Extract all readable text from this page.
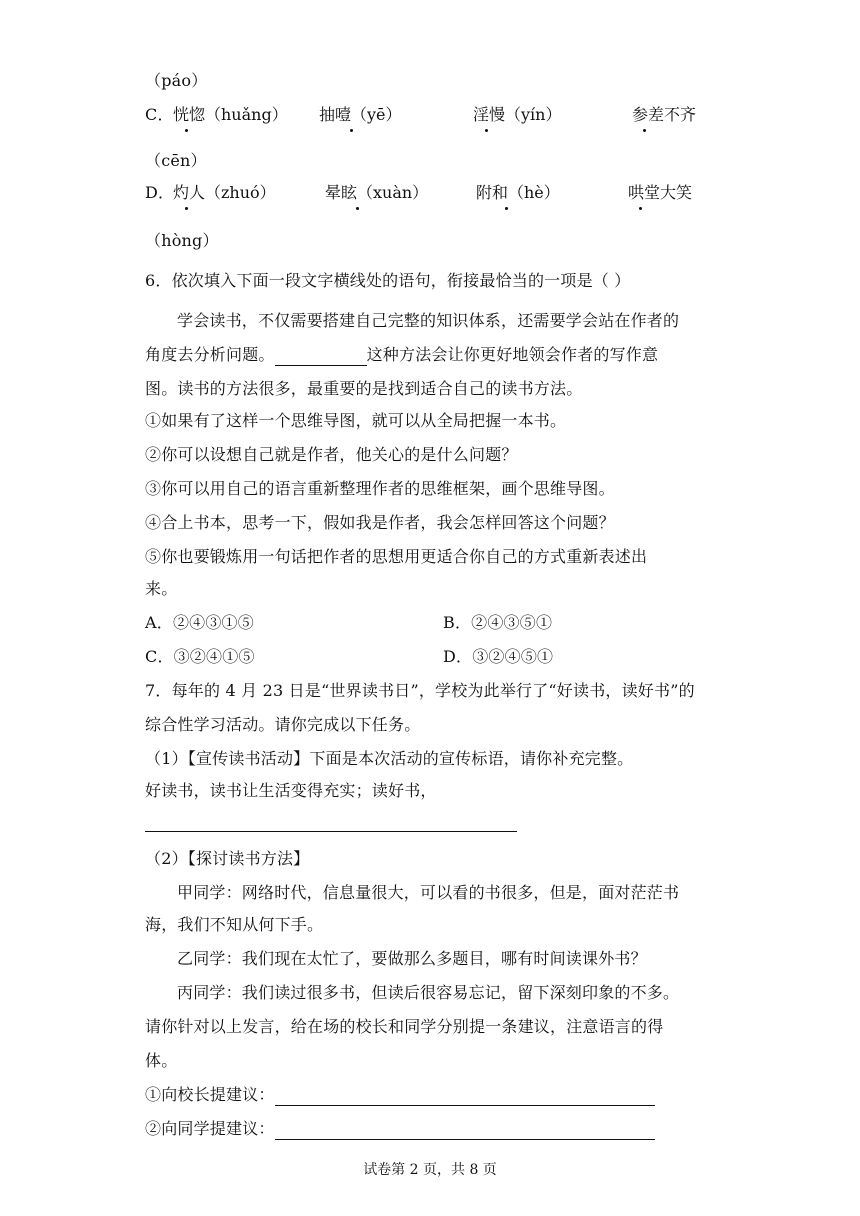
（páo）
C． 恍惚（huǎng） 抽噎（yē）	淫慢（yín）	参差不齐
（cēn）
D．
灼人（zhuó）	晕眩（xuàn）	附和（hè）	哄堂大笑
（hòng）
6．依次填入下面一段文字横线处的语句，衔接最恰当的一项是（ ）
学会读书，不仅需要搭建自己完整的知识体系，还需要学会站在作者的
角度去分析问题。	这种方法会让你更好地领会作者的写作意
图。读书的方法很多，最重要的是找到适合自己的读书方法。
①如果有了这样一个思维导图，就可以从全局把握一本书。
②你可以设想自己就是作者，他关心的是什么问题？
③你可以用自己的语言重新整理作者的思维框架，画个思维导图。
④合上书本，思考一下，假如我是作者，我会怎样回答这个问题？
⑤你也要锻炼用一句话把作者的思想用更适合你自己的方式重新表述出
来。
A．②④③①⑤	B．②④③⑤①
C．③②④①⑤	D．③②④⑤①
7．每年的 4 月 23 日是“世界读书日”，学校为此举行了“好读书，读好书”的
综合性学习活动。请你完成以下任务。
（1）【宣传读书活动】下面是本次活动的宣传标语，请你补充完整。
好读书，读书让生活变得充实；读好书，
（2）【探讨读书方法】
甲同学：网络时代，信息量很大，可以看的书很多，但是，面对茫茫书
海，我们不知从何下手。
乙同学：我们现在太忙了，要做那么多题目，哪有时间读课外书？
丙同学：我们读过很多书，但读后很容易忘记，留下深刻印象的不多。
请你针对以上发言，给在场的校长和同学分别提一条建议，注意语言的得
体。
①向校长提建议：
②向同学提建议：
试卷第 2 页，共 8 页
